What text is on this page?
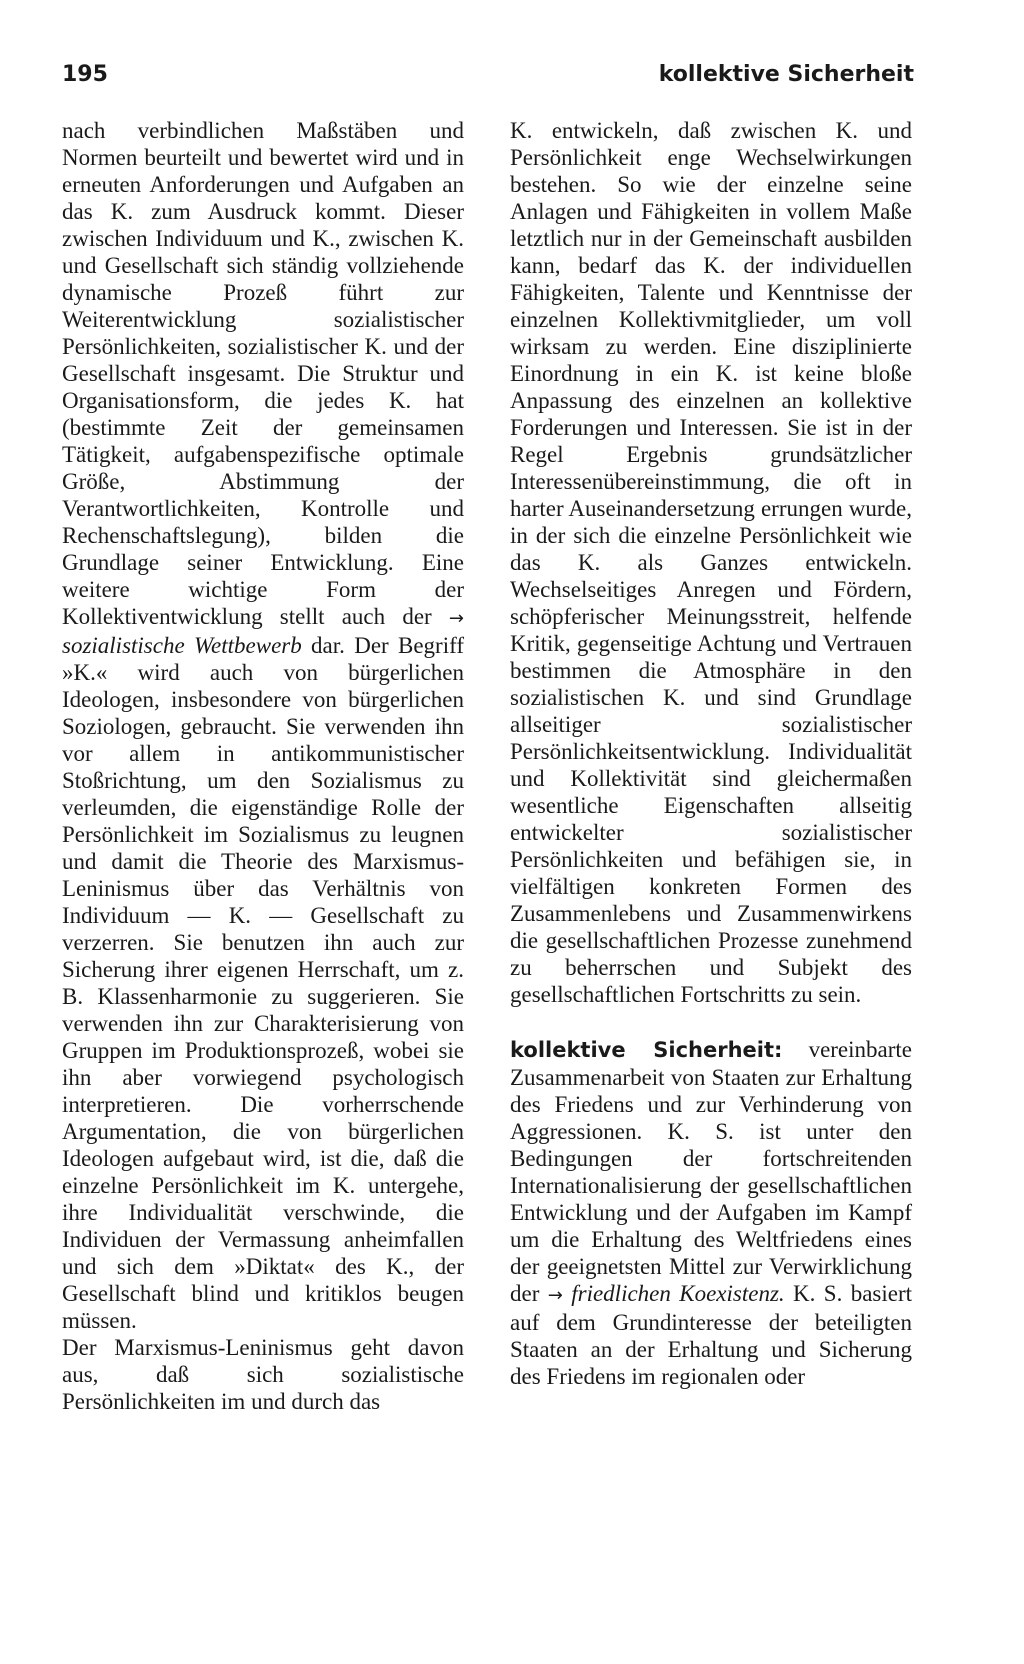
195	kollektive Sicherheit

nach verbindlichen Maßstäben und Normen beurteilt und bewertet wird und in erneuten Anforderungen und Aufgaben an das K. zum Ausdruck kommt. Dieser zwischen Individuum und K., zwischen K. und Gesellschaft sich ständig vollziehende dynamische Prozeß führt zur Weiterentwicklung sozialistischer Persönlichkeiten, sozialistischer K. und der Gesellschaft insgesamt. Die Struktur und Organisationsform, die jedes K. hat (bestimmte Zeit der gemeinsamen Tätigkeit, aufgabenspezifische optimale Größe, Abstimmung der Verantwortlichkeiten, Kontrolle und Rechenschaftslegung), bilden die Grundlage seiner Entwicklung. Eine weitere wichtige Form der Kollektiventwicklung stellt auch der → sozialistische Wettbewerb dar. Der Begriff »K.« wird auch von bürgerlichen Ideologen, insbesondere von bürgerlichen Soziologen, gebraucht. Sie verwenden ihn vor allem in antikommunistischer Stoßrichtung, um den Sozialismus zu verleumden, die eigenständige Rolle der Persönlichkeit im Sozialismus zu leugnen und damit die Theorie des Marxismus-Leninismus über das Verhältnis von Individuum — K. — Gesellschaft zu verzerren. Sie benutzen ihn auch zur Sicherung ihrer eigenen Herrschaft, um z. B. Klassenharmonie zu suggerieren. Sie verwenden ihn zur Charakterisierung von Gruppen im Produktionsprozeß, wobei sie ihn aber vorwiegend psychologisch interpretieren. Die vorherrschende Argumentation, die von bürgerlichen Ideologen aufgebaut wird, ist die, daß die einzelne Persönlichkeit im K. untergehe, ihre Individualität verschwinde, die Individuen der Vermassung anheimfallen und sich dem »Diktat« des K., der Gesellschaft blind und kritiklos beugen müssen.

Der Marxismus-Leninismus geht davon aus, daß sich sozialistische Persönlichkeiten im und durch das

K. entwickeln, daß zwischen K. und Persönlichkeit enge Wechselwirkungen bestehen. So wie der einzelne seine Anlagen und Fähigkeiten in vollem Maße letztlich nur in der Gemeinschaft ausbilden kann, bedarf das K. der individuellen Fähigkeiten, Talente und Kenntnisse der einzelnen Kollektivmitglieder, um voll wirksam zu werden. Eine disziplinierte Einordnung in ein K. ist keine bloße Anpassung des einzelnen an kollektive Forderungen und Interessen. Sie ist in der Regel Ergebnis grundsätzlicher Interessenübereinstimmung, die oft in harter Auseinandersetzung errungen wurde, in der sich die einzelne Persönlichkeit wie das K. als Ganzes entwickeln. Wechselseitiges Anregen und Fördern, schöpferischer Meinungsstreit, helfende Kritik, gegenseitige Achtung und Vertrauen bestimmen die Atmosphäre in den sozialistischen K. und sind Grundlage allseitiger sozialistischer Persönlichkeitsentwicklung. Individualität und Kollektivität sind gleichermaßen wesentliche Eigenschaften allseitig entwickelter sozialistischer Persönlichkeiten und befähigen sie, in vielfältigen konkreten Formen des Zusammenlebens und Zusammenwirkens die gesellschaftlichen Prozesse zunehmend zu beherrschen und Subjekt des gesellschaftlichen Fortschritts zu sein.

kollektive Sicherheit: vereinbarte Zusammenarbeit von Staaten zur Erhaltung des Friedens und zur Verhinderung von Aggressionen. K. S. ist unter den Bedingungen der fortschreitenden Internationalisierung der gesellschaftlichen Entwicklung und der Aufgaben im Kampf um die Erhaltung des Weltfriedens eines der geeignetsten Mittel zur Verwirklichung der → friedlichen Koexistenz. K. S. basiert auf dem Grundinteresse der beteiligten Staaten an der Erhaltung und Sicherung des Friedens im regionalen oder
